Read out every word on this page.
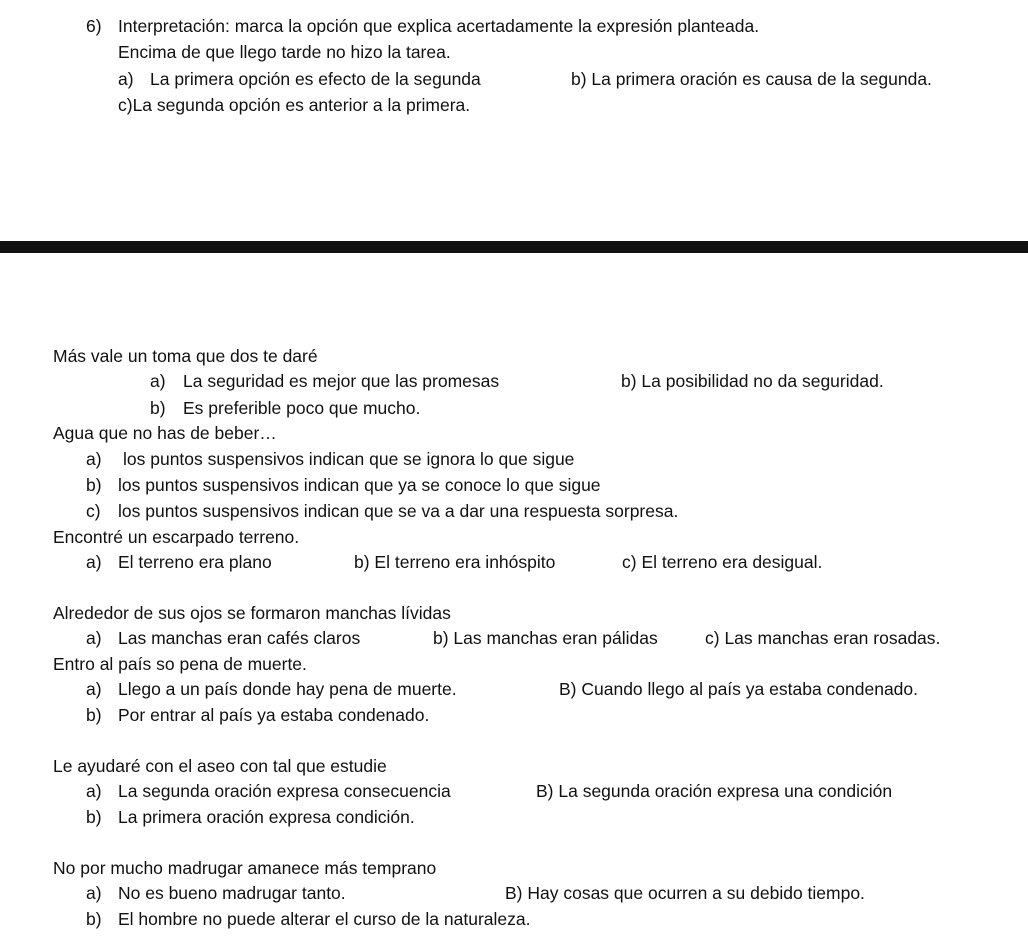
6) Interpretación: marca la opción que explica acertadamente la expresión planteada.
Encima de que llego tarde no hizo la tarea.
a) La primera opción es efecto de la segunda	b) La primera oración es causa de la segunda.
c)La segunda opción es anterior a la primera.
Más vale un toma que dos te daré
a) La seguridad es mejor que las promesas	b) La posibilidad no da seguridad.
b) Es preferible poco que mucho.
Agua que no has de beber…
a) los puntos suspensivos indican que se ignora lo que sigue
b) los puntos suspensivos indican que ya se conoce lo que sigue
c) los puntos suspensivos indican que se va a dar una respuesta sorpresa.
Encontré un escarpado terreno.
a) El terreno era plano	b) El terreno era inhóspito	c) El terreno era desigual.
Alrededor de sus ojos se formaron manchas lívidas
a) Las manchas eran cafés claros	b) Las manchas eran pálidas	c) Las manchas eran rosadas.
Entro al país so pena de muerte.
a) Llego a un país donde hay pena de muerte.	B) Cuando llego al país ya estaba condenado.
b) Por entrar al país ya estaba condenado.
Le ayudaré con el aseo con tal que estudie
a) La segunda oración expresa consecuencia	B) La segunda oración expresa una condición
b) La primera oración expresa condición.
No por mucho madrugar amanece más temprano
a) No es bueno madrugar tanto.	B) Hay cosas que ocurren a su debido tiempo.
b) El hombre no puede alterar el curso de la naturaleza.
